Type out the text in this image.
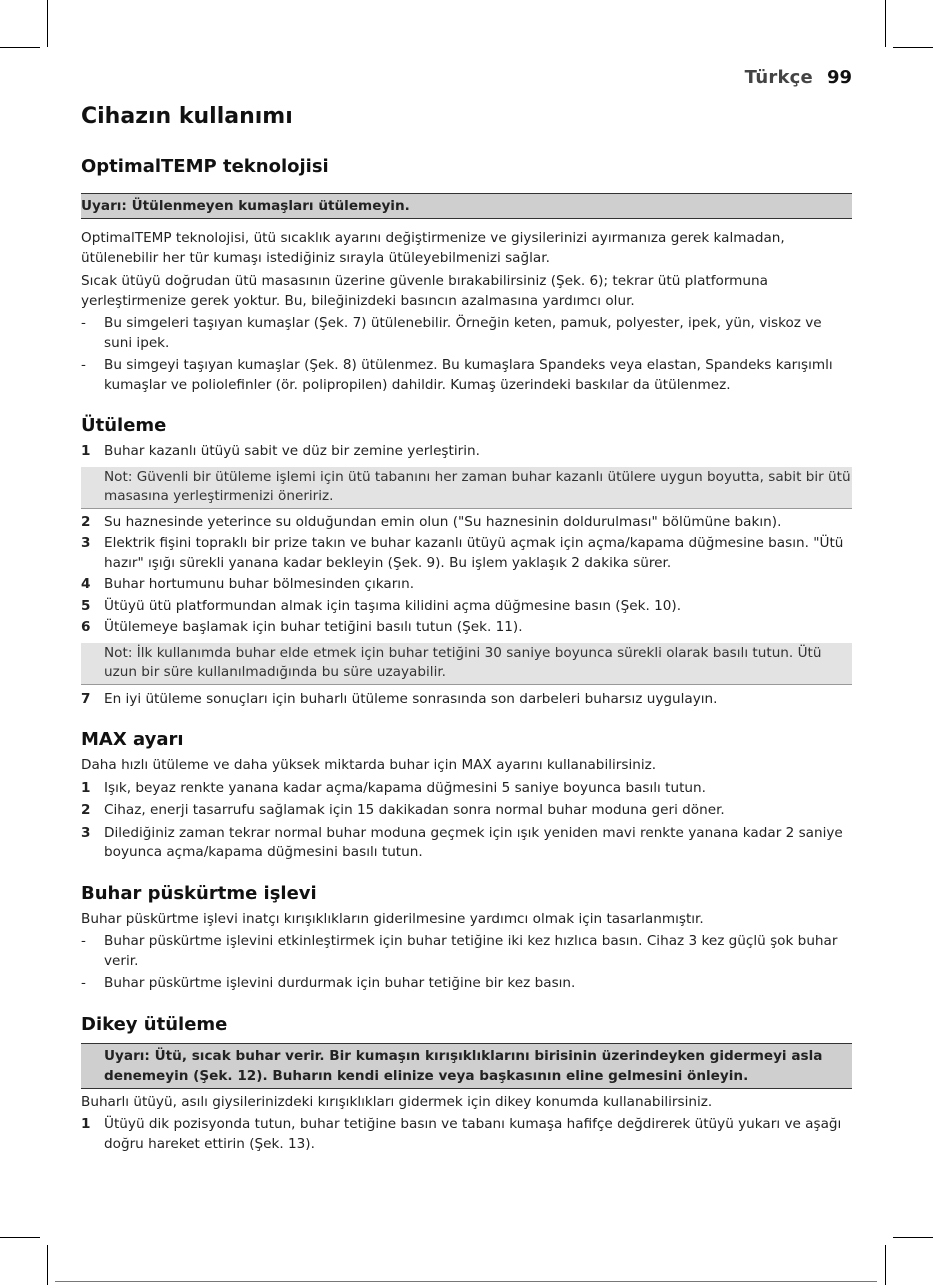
Türkçe 99
Cihazın kullanımı
OptimalTEMP teknolojisi
Uyarı: Ütülenmeyen kumaşları ütülemeyin.

OptimalTEMP teknolojisi, ütü sıcaklık ayarını değiştirmenize ve giysilerinizi ayırmanıza gerek kalmadan, ütülenebilir her tür kumaşı istediğiniz sırayla ütüleyebilmenizi sağlar.

Sıcak ütüyü doğrudan ütü masasının üzerine güvenle bırakabilirsiniz (Şek. 6); tekrar ütü platformuna yerleştirmenize gerek yoktur. Bu, bileğinizdeki basıncın azalmasına yardımcı olur.

-	Bu simgeleri taşıyan kumaşlar (Şek. 7) ütülenebilir. Örneğin keten, pamuk, polyester, ipek, yün, viskoz ve suni ipek.
-	Bu simgeyi taşıyan kumaşlar (Şek. 8) ütülenmez. Bu kumaşlara Spandeks veya elastan, Spandeks karışımlı kumaşlar ve poliolefinler (ör. polipropilen) dahildir. Kumaş üzerindeki baskılar da ütülenmez.
Ütüleme
1 Buhar kazanlı ütüyü sabit ve düz bir zemine yerleştirin.
Not: Güvenli bir ütüleme işlemi için ütü tabanını her zaman buhar kazanlı ütülere uygun boyutta, sabit bir ütü masasına yerleştirmenizi öneririz.
2 Su haznesinde yeterince su olduğundan emin olun ("Su haznesinin doldurulması" bölümüne bakın).
3 Elektrik fişini topraklı bir prize takın ve buhar kazanlı ütüyü açmak için açma/kapama düğmesine basın. "Ütü hazır" ışığı sürekli yanana kadar bekleyin (Şek. 9). Bu işlem yaklaşık 2 dakika sürer.
4 Buhar hortumunu buhar bölmesinden çıkarın.
5 Ütüyü ütü platformundan almak için taşıma kilidini açma düğmesine basın (Şek. 10).
6 Ütülemeye başlamak için buhar tetiğini basılı tutun (Şek. 11).
Not: İlk kullanımda buhar elde etmek için buhar tetiğini 30 saniye boyunca sürekli olarak basılı tutun. Ütü uzun bir süre kullanılmadığında bu süre uzayabilir.
7 En iyi ütüleme sonuçları için buharlı ütüleme sonrasında son darbeleri buharsız uygulayın.
MAX ayarı

Daha hızlı ütüleme ve daha yüksek miktarda buhar için MAX ayarını kullanabilirsiniz.

1 Işık, beyaz renkte yanana kadar açma/kapama düğmesini 5 saniye boyunca basılı tutun.
2 Cihaz, enerji tasarrufu sağlamak için 15 dakikadan sonra normal buhar moduna geri döner.
3 Dilediğiniz zaman tekrar normal buhar moduna geçmek için ışık yeniden mavi renkte yanana kadar 2 saniye boyunca açma/kapama düğmesini basılı tutun.
Buhar püskürtme işlevi

Buhar püskürtme işlevi inatçı kırışıklıkların giderilmesine yardımcı olmak için tasarlanmıştır.

-	Buhar püskürtme işlevini etkinleştirmek için buhar tetiğine iki kez hızlıca basın. Cihaz 3 kez güçlü şok buhar verir.
-	Buhar püskürtme işlevini durdurmak için buhar tetiğine bir kez basın.
Dikey ütüleme
Uyarı: Ütü, sıcak buhar verir. Bir kumaşın kırışıklıklarını birisinin üzerindeyken gidermeyi asla denemeyin (Şek. 12). Buharın kendi elinize veya başkasının eline gelmesini önleyin.

Buharlı ütüyü, asılı giysilerinizdeki kırışıklıkları gidermek için dikey konumda kullanabilirsiniz.

1 Ütüyü dik pozisyonda tutun, buhar tetiğine basın ve tabanı kumaşa hafifçe değdirerek ütüyü yukarı ve aşağı doğru hareket ettirin (Şek. 13).
